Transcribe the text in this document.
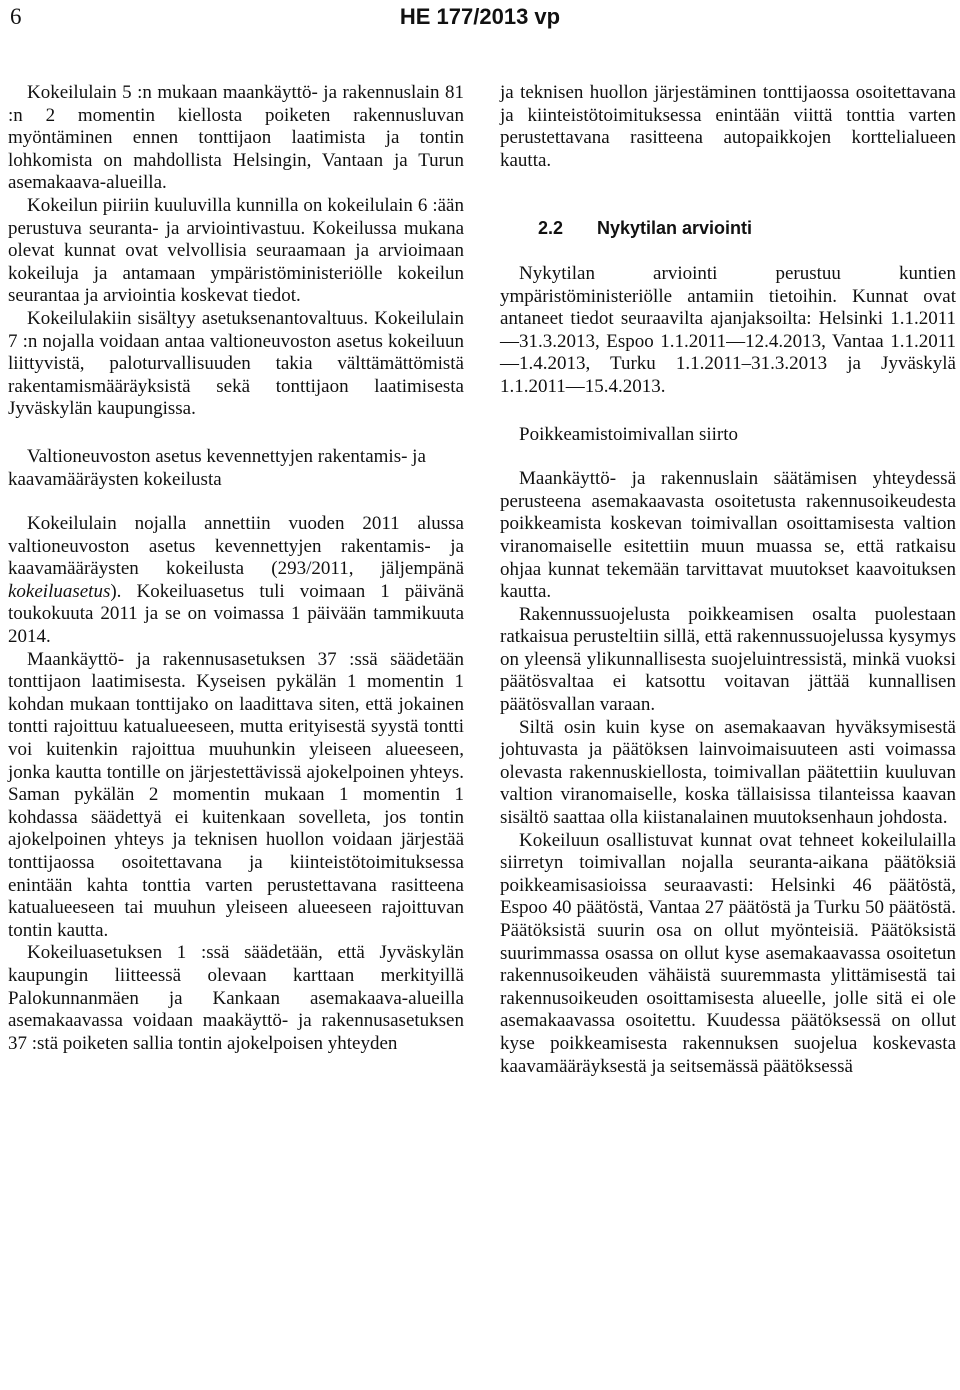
6	HE 177/2013 vp

Kokeilulain 5 :n mukaan maankäyttö- ja rakennuslain 81 :n 2 momentin kiellosta poiketen rakennusluvan myöntäminen ennen tonttijaon laatimista ja tontin lohkomista on mahdollista Helsingin, Vantaan ja Turun asemakaava-alueilla.

Kokeilun piiriin kuuluvilla kunnilla on kokeilulain 6 :ään perustuva seuranta- ja arviointivastuu. Kokeilussa mukana olevat kunnat ovat velvollisia seuraamaan ja arvioimaan kokeiluja ja antamaan ympäristöministeriölle kokeilun seurantaa ja arviointia koskevat tiedot.

Kokeilulakiin sisältyy asetuksenantovaltuus. Kokeilulain 7 :n nojalla voidaan antaa valtioneuvoston asetus kokeiluun liittyvistä, paloturvallisuuden takia välttämättömistä rakentamismääräyksistä sekä tonttijaon laatimisesta Jyväskylän kaupungissa.

Valtioneuvoston asetus kevennettyjen rakentamis- ja kaavamääräysten kokeilusta

Kokeilulain nojalla annettiin vuoden 2011 alussa valtioneuvoston asetus kevennettyjen rakentamis- ja kaavamääräysten kokeilusta (293/2011, jäljempänä kokeiluasetus). Kokeiluasetus tuli voimaan 1 päivänä toukokuuta 2011 ja se on voimassa 1 päivään tammikuuta 2014.

Maankäyttö- ja rakennusasetuksen 37 :ssä säädetään tonttijaon laatimisesta. Kyseisen pykälän 1 momentin 1 kohdan mukaan tonttijako on laadittava siten, että jokainen tontti rajoittuu katualueeseen, mutta erityisestä syystä tontti voi kuitenkin rajoittua muuhunkin yleiseen alueeseen, jonka kautta tontille on järjestettävissä ajokelpoinen yhteys. Saman pykälän 2 momentin mukaan 1 momentin 1 kohdassa säädettyä ei kuitenkaan sovelleta, jos tontin ajokelpoinen yhteys ja teknisen huollon voidaan järjestää tonttijaossa osoitettavana ja kiinteistötoimituksessa enintään kahta tonttia varten perustettavana rasitteena katualueeseen tai muuhun yleiseen alueeseen rajoittuvan tontin kautta.

Kokeiluasetuksen 1 :ssä säädetään, että Jyväskylän kaupungin liitteessä olevaan karttaan merkityillä Palokunnanmäen ja Kankaan asemakaava-alueilla asemakaavassa voidaan maakäyttö- ja rakennusasetuksen 37 :stä poiketen sallia tontin ajokelpoisen yhteyden

ja teknisen huollon järjestäminen tonttijaossa osoitettavana ja kiinteistötoimituksessa enintään viittä tonttia varten perustettavana rasitteena autopaikkojen korttelialueen kautta.

2.2 Nykytilan arviointi

Nykytilan arviointi perustuu kuntien ympäristöministeriölle antamiin tietoihin. Kunnat ovat antaneet tiedot seuraavilta ajanjaksoilta: Helsinki 1.1.2011—31.3.2013, Espoo 1.1.2011—12.4.2013, Vantaa 1.1.2011—1.4.2013, Turku 1.1.2011–31.3.2013 ja Jyväskylä 1.1.2011—15.4.2013.

Poikkeamistoimivallan siirto

Maankäyttö- ja rakennuslain säätämisen yhteydessä perusteena asemakaavasta osoitetusta rakennusoikeudesta poikkeamista koskevan toimivallan osoittamisesta valtion viranomaiselle esitettiin muun muassa se, että ratkaisu ohjaa kunnat tekemään tarvittavat muutokset kaavoituksen kautta.

Rakennussuojelusta poikkeamisen osalta puolestaan ratkaisua perusteltiin sillä, että rakennussuojelussa kysymys on yleensä ylikunnallisesta suojeluintressistä, minkä vuoksi päätösvaltaa ei katsottu voitavan jättää kunnallisen päätösvallan varaan.

Siltä osin kuin kyse on asemakaavan hyväksymisestä johtuvasta ja päätöksen lainvoimaisuuteen asti voimassa olevasta rakennuskiellosta, toimivallan päätettiin kuuluvan valtion viranomaiselle, koska tällaisissa tilanteissa kaavan sisältö saattaa olla kiistanalainen muutoksenhaun johdosta.

Kokeiluun osallistuvat kunnat ovat tehneet kokeilulailla siirretyn toimivallan nojalla seuranta-aikana päätöksiä poikkeamisasioissa seuraavasti: Helsinki 46 päätöstä, Espoo 40 päätöstä, Vantaa 27 päätöstä ja Turku 50 päätöstä. Päätöksistä suurin osa on ollut myönteisiä. Päätöksistä suurimmassa osassa on ollut kyse asemakaavassa osoitetun rakennusoikeuden vähäistä suuremmasta ylittämisestä tai rakennusoikeuden osoittamisesta alueelle, jolle sitä ei ole asemakaavassa osoitettu. Kuudessa päätöksessä on ollut kyse poikkeamisesta rakennuksen suojelua koskevasta kaavamääräyksestä ja seitsemässä päätöksessä
